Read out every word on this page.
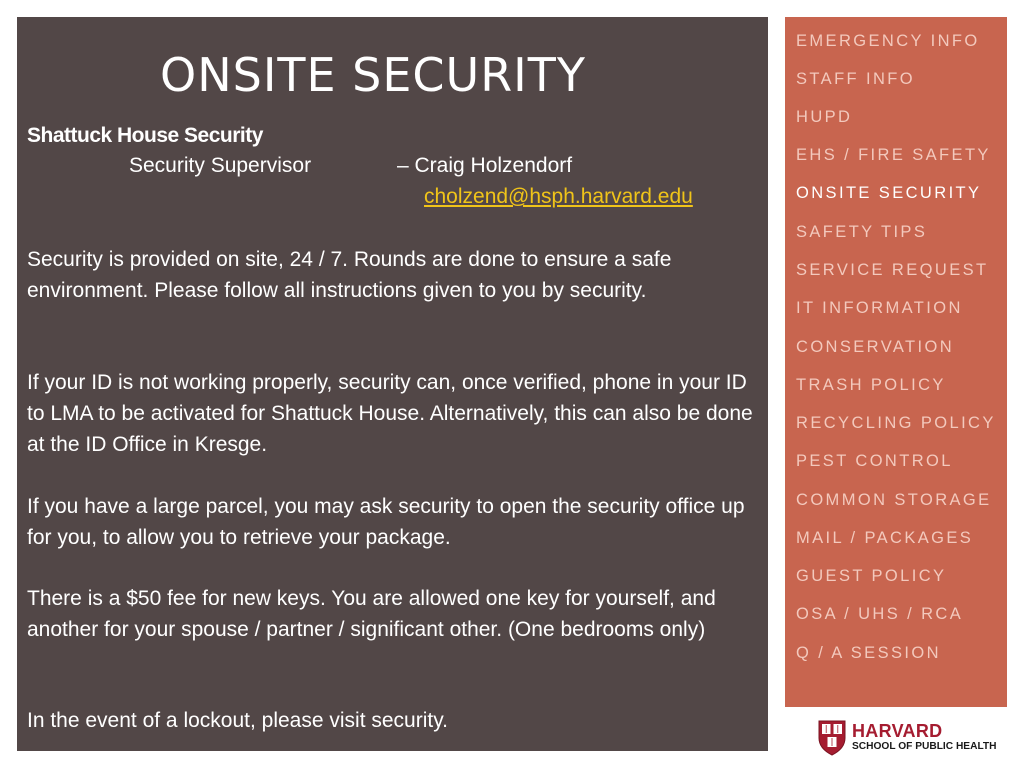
ONSITE SECURITY
Shattuck House Security
Security Supervisor	– Craig Holzendorf
cholzend@hsph.harvard.edu
Security is provided on site, 24 / 7. Rounds are done to ensure a safe environment. Please follow all instructions given to you by security.
If your ID is not working properly, security can, once verified, phone in your ID to LMA to be activated for Shattuck House. Alternatively, this can also be done at the ID Office in Kresge.
If you have a large parcel, you may ask security to open the security office up for you, to allow you to retrieve your package.
There is a $50 fee for new keys. You are allowed one key for yourself, and another for your spouse / partner / significant other. (One bedrooms only)
In the event of a lockout, please visit security.
EMERGENCY INFO
STAFF INFO
HUPD
EHS / FIRE SAFETY
ONSITE SECURITY
SAFETY TIPS
SERVICE REQUEST
IT INFORMATION
CONSERVATION
TRASH POLICY
RECYCLING POLICY
PEST CONTROL
COMMON STORAGE
MAIL / PACKAGES
GUEST POLICY
OSA / UHS / RCA
Q / A SESSION
HARVARD
SCHOOL OF PUBLIC HEALTH
